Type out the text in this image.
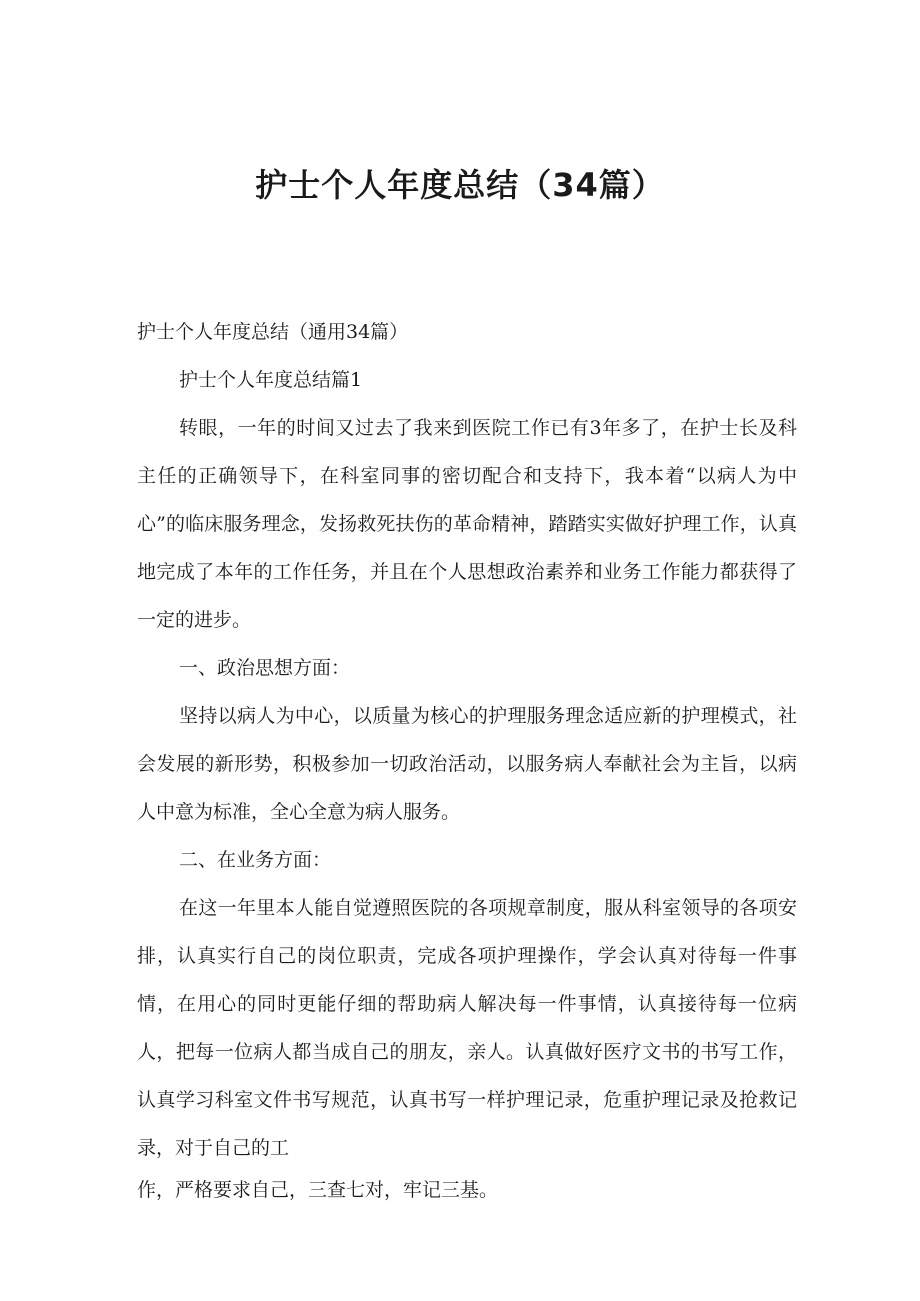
护士个人年度总结（34篇）

护士个人年度总结（通用34篇）

护士个人年度总结篇1

转眼，一年的时间又过去了我来到医院工作已有3年多了，在护士长及科主任的正确领导下，在科室同事的密切配合和支持下，我本着“以病人为中心”的临床服务理念，发扬救死扶伤的革命精神，踏踏实实做好护理工作，认真地完成了本年的工作任务，并且在个人思想政治素养和业务工作能力都获得了一定的进步。

一、政治思想方面：

坚持以病人为中心，以质量为核心的护理服务理念适应新的护理模式，社会发展的新形势，积极参加一切政治活动，以服务病人奉献社会为主旨，以病人中意为标准，全心全意为病人服务。

二、在业务方面：

在这一年里本人能自觉遵照医院的各项规章制度，服从科室领导的各项安排，认真实行自己的岗位职责，完成各项护理操作，学会认真对待每一件事情，在用心的同时更能仔细的帮助病人解决每一件事情，认真接待每一位病人，把每一位病人都当成自己的朋友，亲人。认真做好医疗文书的书写工作，认真学习科室文件书写规范，认真书写一样护理记录，危重护理记录及抢救记录，对于自己的工

作，严格要求自己，三查七对，牢记三基。
